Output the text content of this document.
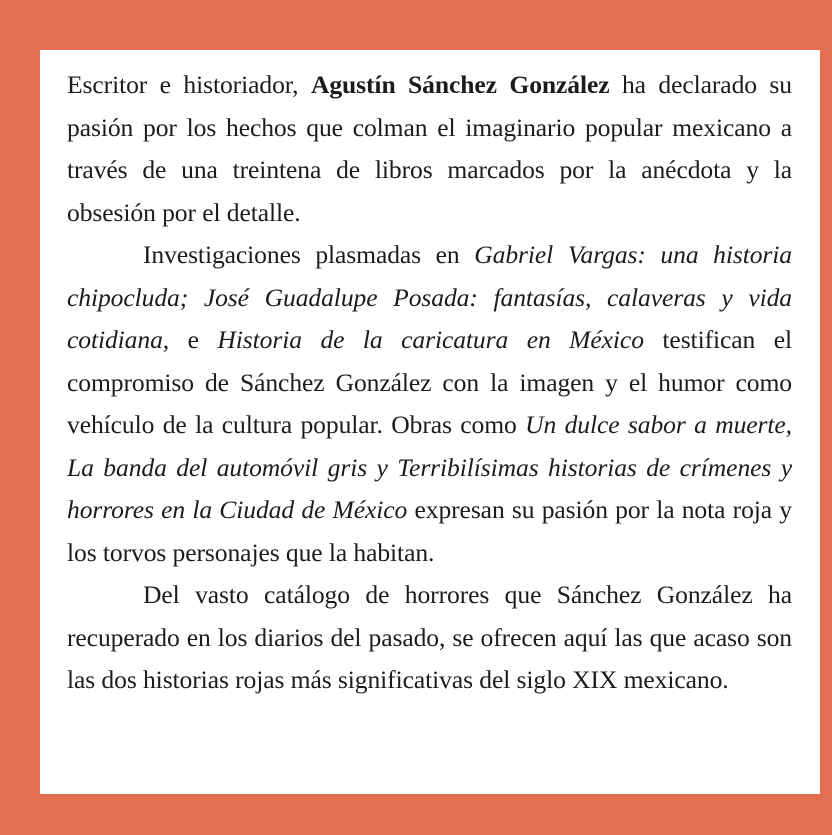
Escritor e historiador, Agustín Sánchez González ha declarado su pasión por los hechos que colman el imaginario popular mexicano a través de una treintena de libros marcados por la anécdota y la obsesión por el detalle.

Investigaciones plasmadas en Gabriel Vargas: una historia chipocluda; José Guadalupe Posada: fantasías, calaveras y vida cotidiana, e Historia de la caricatura en México testifican el compromiso de Sánchez González con la imagen y el humor como vehículo de la cultura popular. Obras como Un dulce sabor a muerte, La banda del automóvil gris y Terribilísimas historias de crímenes y horrores en la Ciudad de México expresan su pasión por la nota roja y los torvos personajes que la habitan.

Del vasto catálogo de horrores que Sánchez González ha recuperado en los diarios del pasado, se ofrecen aquí las que acaso son las dos historias rojas más significativas del siglo XIX mexicano.
